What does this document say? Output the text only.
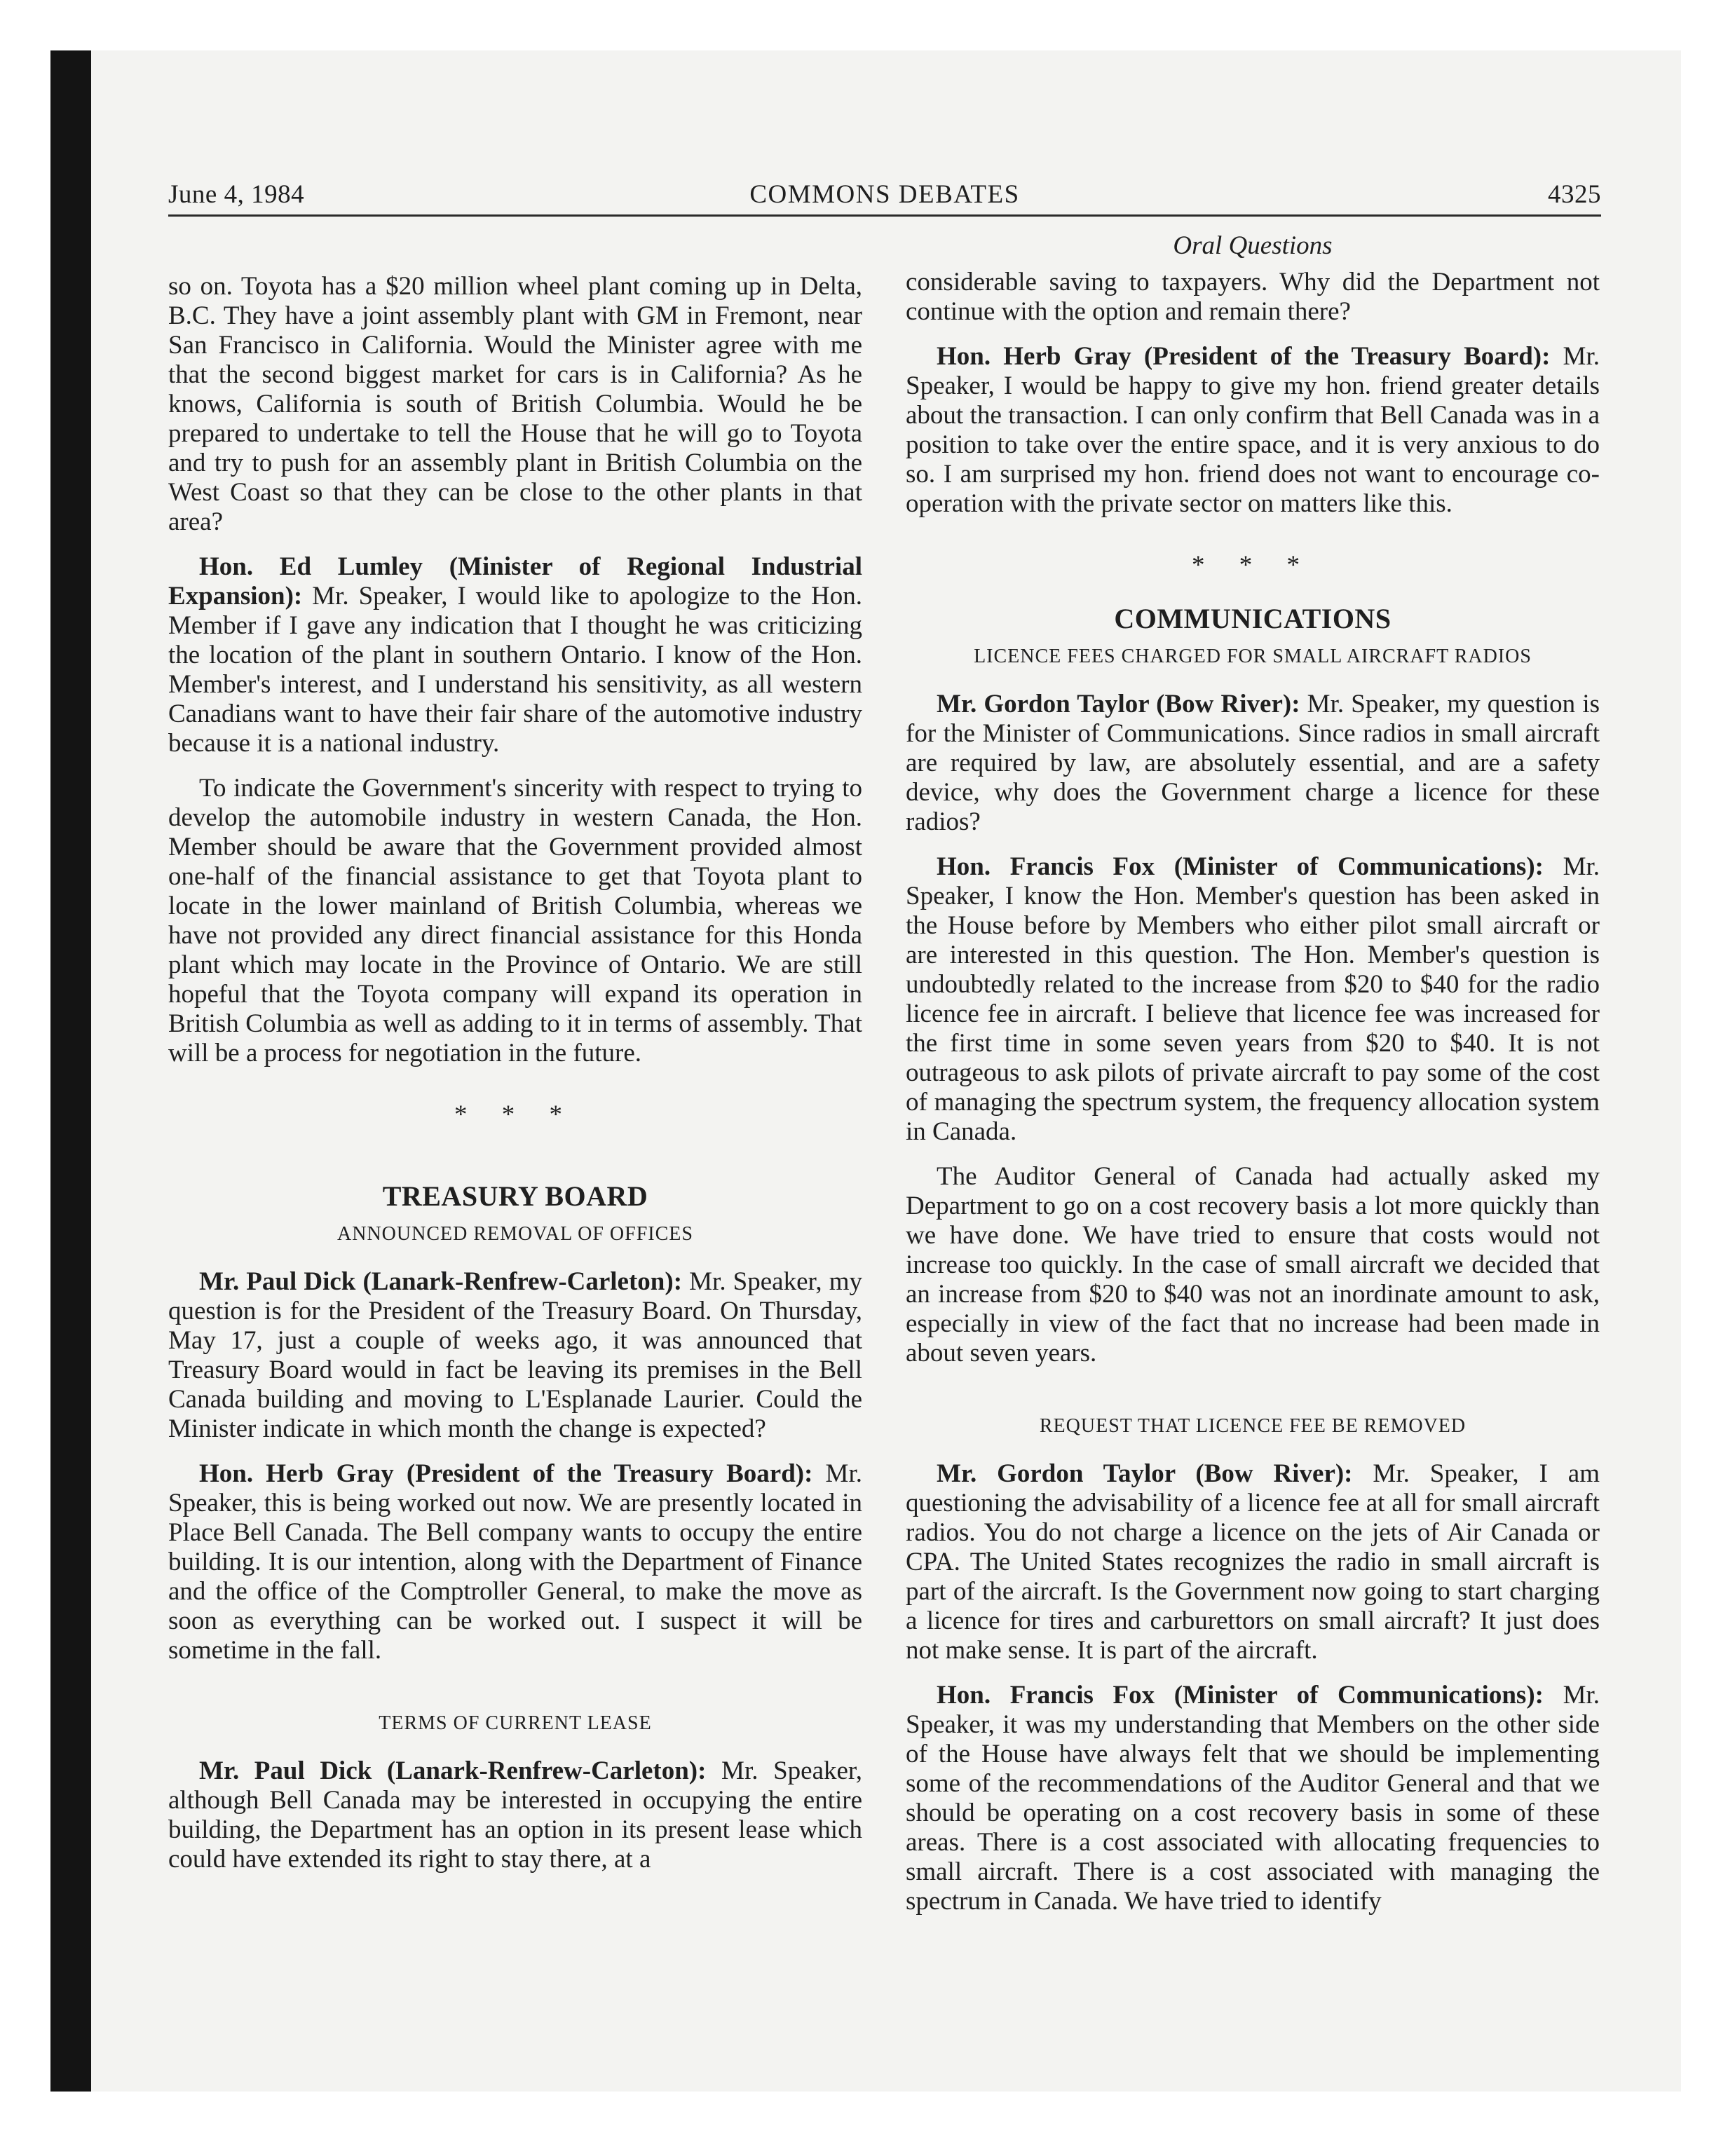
June 4, 1984	COMMONS DEBATES	4325

so on. Toyota has a $20 million wheel plant coming up in Delta, B.C. They have a joint assembly plant with GM in Fremont, near San Francisco in California. Would the Minister agree with me that the second biggest market for cars is in California? As he knows, California is south of British Columbia. Would he be prepared to undertake to tell the House that he will go to Toyota and try to push for an assembly plant in British Columbia on the West Coast so that they can be close to the other plants in that area?

Hon. Ed Lumley (Minister of Regional Industrial Expansion): Mr. Speaker, I would like to apologize to the Hon. Member if I gave any indication that I thought he was criticizing the location of the plant in southern Ontario. I know of the Hon. Member's interest, and I understand his sensitivity, as all western Canadians want to have their fair share of the automotive industry because it is a national industry.

To indicate the Government's sincerity with respect to trying to develop the automobile industry in western Canada, the Hon. Member should be aware that the Government provided almost one-half of the financial assistance to get that Toyota plant to locate in the lower mainland of British Columbia, whereas we have not provided any direct financial assistance for this Honda plant which may locate in the Province of Ontario. We are still hopeful that the Toyota company will expand its operation in British Columbia as well as adding to it in terms of assembly. That will be a process for negotiation in the future.

* * *
TREASURY BOARD
ANNOUNCED REMOVAL OF OFFICES

Mr. Paul Dick (Lanark-Renfrew-Carleton): Mr. Speaker, my question is for the President of the Treasury Board. On Thursday, May 17, just a couple of weeks ago, it was announced that Treasury Board would in fact be leaving its premises in the Bell Canada building and moving to L'Esplanade Laurier. Could the Minister indicate in which month the change is expected?

Hon. Herb Gray (President of the Treasury Board): Mr. Speaker, this is being worked out now. We are presently located in Place Bell Canada. The Bell company wants to occupy the entire building. It is our intention, along with the Department of Finance and the office of the Comptroller General, to make the move as soon as everything can be worked out. I suspect it will be sometime in the fall.

TERMS OF CURRENT LEASE

Mr. Paul Dick (Lanark-Renfrew-Carleton): Mr. Speaker, although Bell Canada may be interested in occupying the entire building, the Department has an option in its present lease which could have extended its right to stay there, at a

Oral Questions

considerable saving to taxpayers. Why did the Department not continue with the option and remain there?

Hon. Herb Gray (President of the Treasury Board): Mr. Speaker, I would be happy to give my hon. friend greater details about the transaction. I can only confirm that Bell Canada was in a position to take over the entire space, and it is very anxious to do so. I am surprised my hon. friend does not want to encourage co-operation with the private sector on matters like this.

* * *
COMMUNICATIONS
LICENCE FEES CHARGED FOR SMALL AIRCRAFT RADIOS

Mr. Gordon Taylor (Bow River): Mr. Speaker, my question is for the Minister of Communications. Since radios in small aircraft are required by law, are absolutely essential, and are a safety device, why does the Government charge a licence for these radios?

Hon. Francis Fox (Minister of Communications): Mr. Speaker, I know the Hon. Member's question has been asked in the House before by Members who either pilot small aircraft or are interested in this question. The Hon. Member's question is undoubtedly related to the increase from $20 to $40 for the radio licence fee in aircraft. I believe that licence fee was increased for the first time in some seven years from $20 to $40. It is not outrageous to ask pilots of private aircraft to pay some of the cost of managing the spectrum system, the frequency allocation system in Canada.

The Auditor General of Canada had actually asked my Department to go on a cost recovery basis a lot more quickly than we have done. We have tried to ensure that costs would not increase too quickly. In the case of small aircraft we decided that an increase from $20 to $40 was not an inordinate amount to ask, especially in view of the fact that no increase had been made in about seven years.

REQUEST THAT LICENCE FEE BE REMOVED

Mr. Gordon Taylor (Bow River): Mr. Speaker, I am questioning the advisability of a licence fee at all for small aircraft radios. You do not charge a licence on the jets of Air Canada or CPA. The United States recognizes the radio in small aircraft is part of the aircraft. Is the Government now going to start charging a licence for tires and carburettors on small aircraft? It just does not make sense. It is part of the aircraft.

Hon. Francis Fox (Minister of Communications): Mr. Speaker, it was my understanding that Members on the other side of the House have always felt that we should be implementing some of the recommendations of the Auditor General and that we should be operating on a cost recovery basis in some of these areas. There is a cost associated with allocating frequencies to small aircraft. There is a cost associated with managing the spectrum in Canada. We have tried to identify
